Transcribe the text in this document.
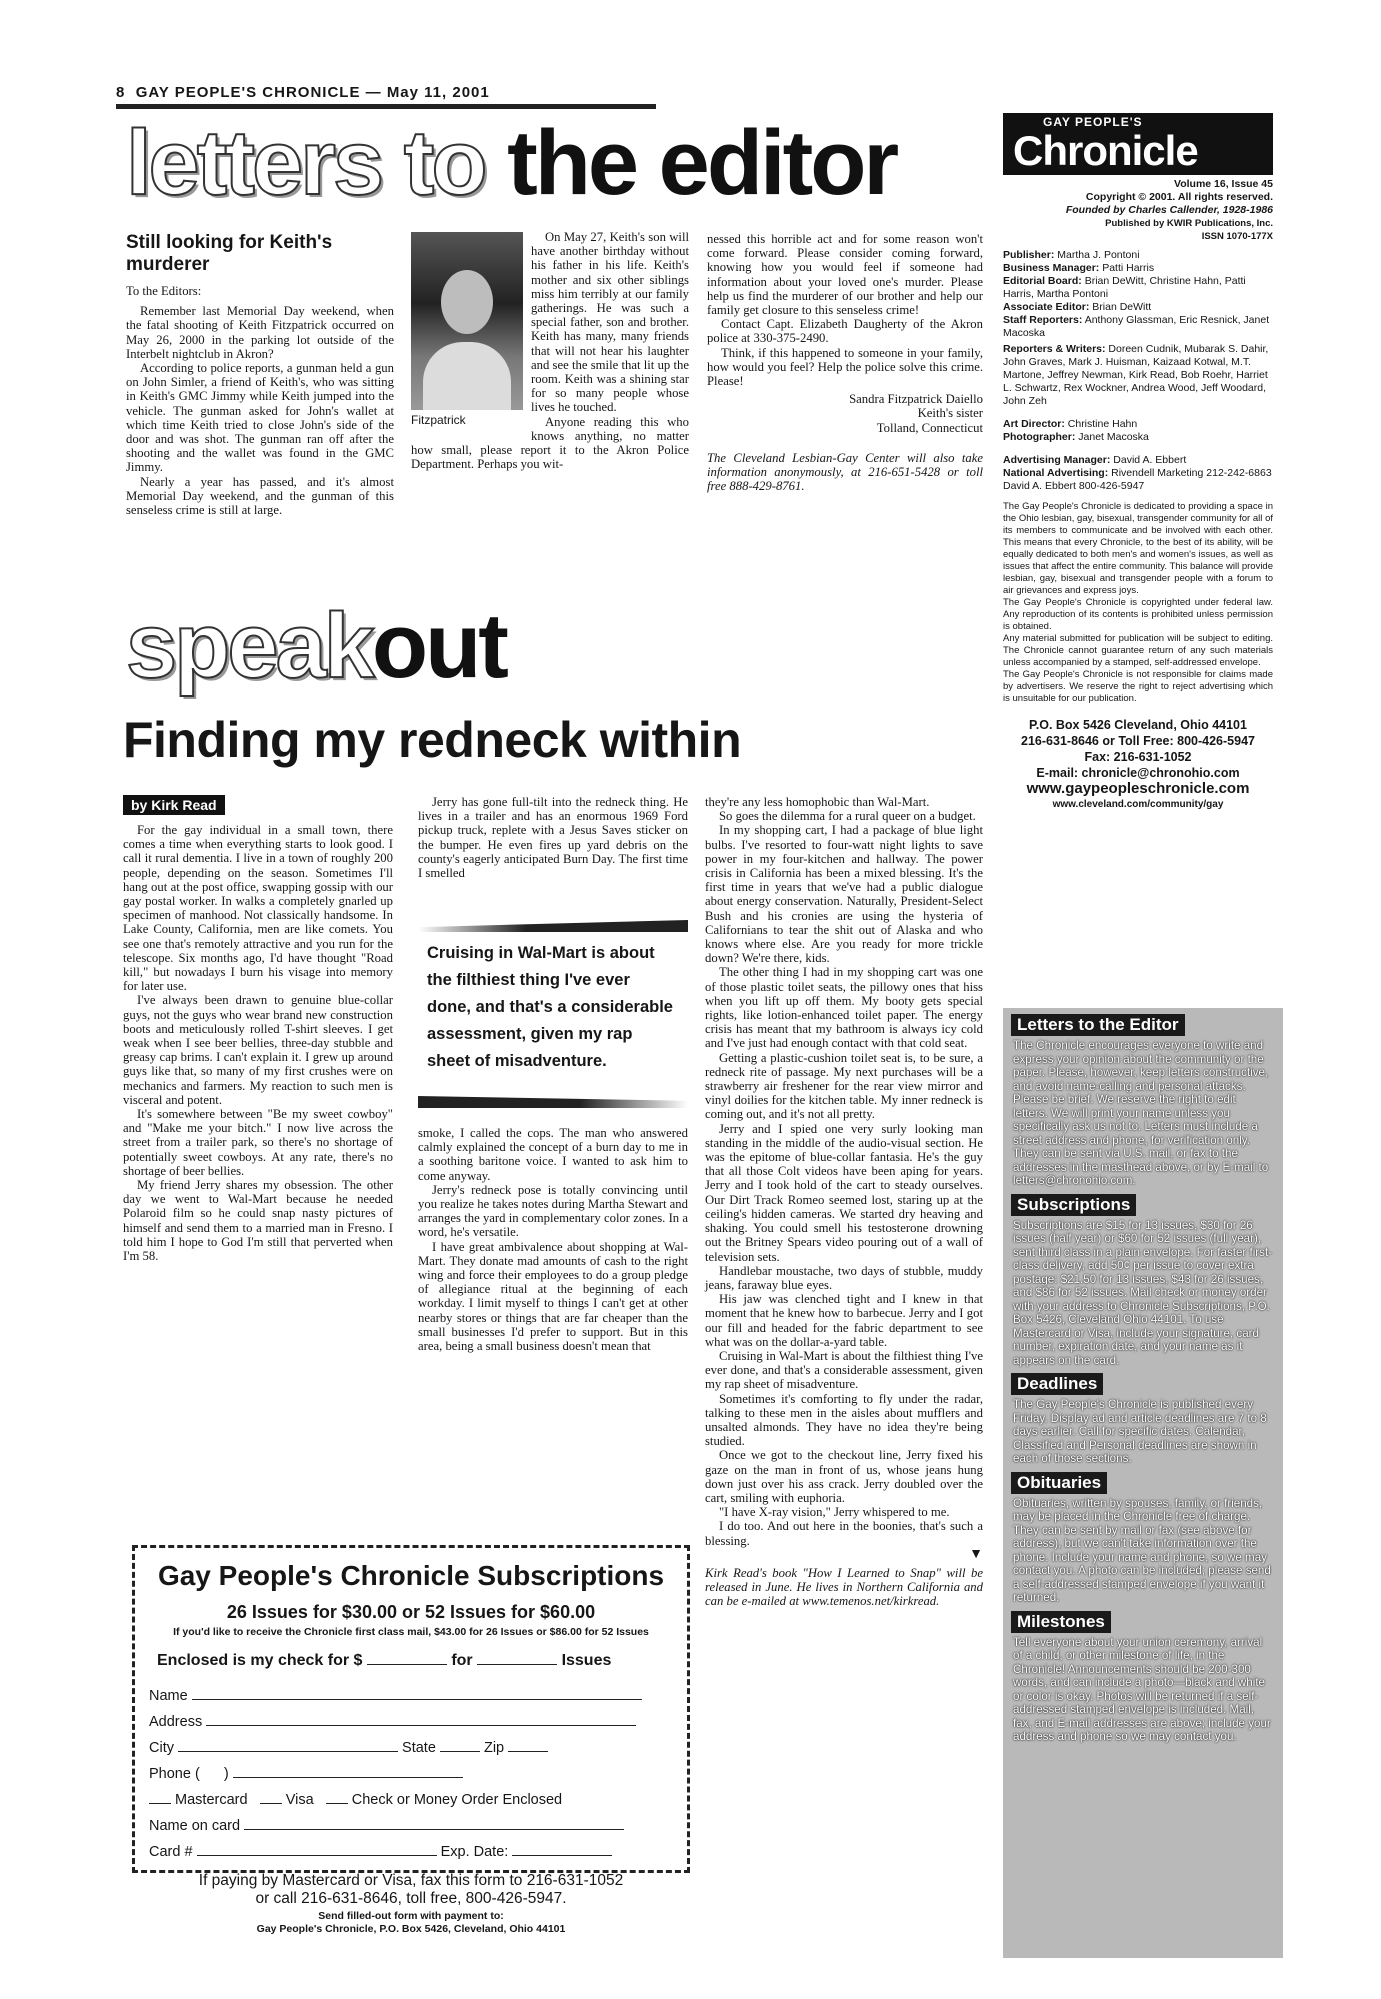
8 GAY PEOPLE'S CHRONICLE — May 11, 2001
letters to the editor
Still looking for Keith's murderer
To the Editors:

Remember last Memorial Day weekend, when the fatal shooting of Keith Fitzpatrick occurred on May 26, 2000 in the parking lot outside of the Interbelt nightclub in Akron?

According to police reports, a gunman held a gun on John Simler, a friend of Keith's, who was sitting in Keith's GMC Jimmy while Keith jumped into the vehicle. The gunman asked for John's wallet at which time Keith tried to close John's side of the door and was shot. The gunman ran off after the shooting and the wallet was found in the GMC Jimmy.

Nearly a year has passed, and it's almost Memorial Day weekend, and the gunman of this senseless crime is still at large.

Fitzpatrick

On May 27, Keith's son will have another birthday without his father in his life. Keith's mother and six other siblings miss him terribly at our family gatherings. He was such a special father, son and brother. Keith has many, many friends that will not hear his laughter and see the smile that lit up the room. Keith was a shining star for so many people whose lives he touched.

Anyone reading this who knows anything, no matter how small, please report it to the Akron Police Department. Perhaps you wit-

nessed this horrible act and for some reason won't come forward. Please consider coming forward, knowing how you would feel if someone had information about your loved one's murder. Please help us find the murderer of our brother and help our family get closure to this senseless crime!

Contact Capt. Elizabeth Daugherty of the Akron police at 330-375-2490.

Think, if this happened to someone in your family, how would you feel? Help the police solve this crime. Please!

Sandra Fitzpatrick Daiello
Keith's sister
Tolland, Connecticut
The Cleveland Lesbian-Gay Center will also take information anonymously, at 216-651-5428 or toll free 888-429-8761.
speakout
Finding my redneck within
by Kirk Read

For the gay individual in a small town, there comes a time when everything starts to look good. I call it rural dementia. I live in a town of roughly 200 people, depending on the season. Sometimes I'll hang out at the post office, swapping gossip with our gay postal worker. In walks a completely gnarled up specimen of manhood. Not classically handsome. In Lake County, California, men are like comets. You see one that's remotely attractive and you run for the telescope. Six months ago, I'd have thought "Road kill," but nowadays I burn his visage into memory for later use.

I've always been drawn to genuine blue-collar guys, not the guys who wear brand new construction boots and meticulously rolled T-shirt sleeves. I get weak when I see beer bellies, three-day stubble and greasy cap brims. I can't explain it. I grew up around guys like that, so many of my first crushes were on mechanics and farmers. My reaction to such men is visceral and potent.

It's somewhere between "Be my sweet cowboy" and "Make me your bitch." I now live across the street from a trailer park, so there's no shortage of potentially sweet cowboys. At any rate, there's no shortage of beer bellies.

My friend Jerry shares my obsession. The other day we went to Wal-Mart because he needed Polaroid film so he could snap nasty pictures of himself and send them to a married man in Fresno. I told him I hope to God I'm still that perverted when I'm 58.

Jerry has gone full-tilt into the redneck thing. He lives in a trailer and has an enormous 1969 Ford pickup truck, replete with a Jesus Saves sticker on the bumper. He even fires up yard debris on the county's eagerly anticipated Burn Day. The first time I smelled

Cruising in Wal-Mart is about the filthiest thing I've ever done, and that's a considerable assessment, given my rap sheet of misadventure.

smoke, I called the cops. The man who answered calmly explained the concept of a burn day to me in a soothing baritone voice. I wanted to ask him to come anyway.

Jerry's redneck pose is totally convincing until you realize he takes notes during Martha Stewart and arranges the yard in complementary color zones. In a word, he's versatile.

I have great ambivalence about shopping at Wal-Mart. They donate mad amounts of cash to the right wing and force their employees to do a group pledge of allegiance ritual at the beginning of each workday. I limit myself to things I can't get at other nearby stores or things that are far cheaper than the small businesses I'd prefer to support. But in this area, being a small business doesn't mean that

they're any less homophobic than Wal-Mart.

So goes the dilemma for a rural queer on a budget.

In my shopping cart, I had a package of blue light bulbs. I've resorted to four-watt night lights to save power in my four-kitchen and hallway. The power crisis in California has been a mixed blessing. It's the first time in years that we've had a public dialogue about energy conservation. Naturally, President-Select Bush and his cronies are using the hysteria of Californians to tear the shit out of Alaska and who knows where else. Are you ready for more trickle down? We're there, kids.

The other thing I had in my shopping cart was one of those plastic toilet seats, the pillowy ones that hiss when you lift up off them. My booty gets special rights, like lotion-enhanced toilet paper. The energy crisis has meant that my bathroom is always icy cold and I've just had enough contact with that cold seat.

Getting a plastic-cushion toilet seat is, to be sure, a redneck rite of passage. My next purchases will be a strawberry air freshener for the rear view mirror and vinyl doilies for the kitchen table. My inner redneck is coming out, and it's not all pretty.

Jerry and I spied one very surly looking man standing in the middle of the audio-visual section. He was the epitome of blue-collar fantasia. He's the guy that all those Colt videos have been aping for years. Jerry and I took hold of the cart to steady ourselves. Our Dirt Track Romeo seemed lost, staring up at the ceiling's hidden cameras. We started dry heaving and shaking. You could smell his testosterone drowning out the Britney Spears video pouring out of a wall of television sets.

Handlebar moustache, two days of stubble, muddy jeans, faraway blue eyes.

His jaw was clenched tight and I knew in that moment that he knew how to barbecue. Jerry and I got our fill and headed for the fabric department to see what was on the dollar-a-yard table.

Cruising in Wal-Mart is about the filthiest thing I've ever done, and that's a considerable assessment, given my rap sheet of misadventure.

Sometimes it's comforting to fly under the radar, talking to these men in the aisles about mufflers and unsalted almonds. They have no idea they're being studied.

Once we got to the checkout line, Jerry fixed his gaze on the man in front of us, whose jeans hung down just over his ass crack. Jerry doubled over the cart, smiling with euphoria.

"I have X-ray vision," Jerry whispered to me.

I do too. And out here in the boonies, that's such a blessing.

▼
Kirk Read's book "How I Learned to Snap" will be released in June. He lives in Northern California and can be e-mailed at www.temenos.net/kirkread.
Gay People's Chronicle Subscriptions
26 Issues for $30.00 or 52 Issues for $60.00
If you'd like to receive the Chronicle first class mail, $43.00 for 26 Issues or $86.00 for 52 Issues
Enclosed is my check for $	for	Issues
Name
Address
City	State	Zip
Phone ( )
Mastercard	Visa	Check or Money Order Enclosed
Name on card
Card #	Exp. Date:
If paying by Mastercard or Visa, fax this form to 216-631-1052
or call 216-631-8646, toll free, 800-426-5947.
Send filled-out form with payment to:
Gay People's Chronicle, P.O. Box 5426, Cleveland, Ohio 44101
GAY PEOPLE'S
Chronicle
Volume 16, Issue 45
Copyright © 2001. All rights reserved.
Founded by Charles Callender, 1928-1986
Published by KWIR Publications, Inc.
ISSN 1070-177X
Publisher: Martha J. Pontoni
Business Manager: Patti Harris
Editorial Board: Brian DeWitt, Christine Hahn, Patti Harris, Martha Pontoni
Associate Editor: Brian DeWitt
Staff Reporters: Anthony Glassman, Eric Resnick, Janet Macoska
Reporters & Writers: Doreen Cudnik, Mubarak S. Dahir, John Graves, Mark J. Huisman, Kaizaad Kotwal, M.T. Martone, Jeffrey Newman, Kirk Read, Bob Roehr, Harriet L. Schwartz, Rex Wockner, Andrea Wood, Jeff Woodard, John Zeh
Art Director: Christine Hahn
Photographer: Janet Macoska
Advertising Manager: David A. Ebbert
National Advertising: Rivendell Marketing 212-242-6863 David A. Ebbert 800-426-5947
The Gay People's Chronicle is dedicated to providing a space in the Ohio lesbian, gay, bisexual, transgender community for all of its members to communicate and be involved with each other. This means that every Chronicle, to the best of its ability, will be equally dedicated to both men's and women's issues, as well as issues that affect the entire community. This balance will provide lesbian, gay, bisexual and transgender people with a forum to air grievances and express joys.
The Gay People's Chronicle is copyrighted under federal law. Any reproduction of its contents is prohibited unless permission is obtained.
Any material submitted for publication will be subject to editing. The Chronicle cannot guarantee return of any such materials unless accompanied by a stamped, self-addressed envelope.
The Gay People's Chronicle is not responsible for claims made by advertisers. We reserve the right to reject advertising which is unsuitable for our publication.
P.O. Box 5426 Cleveland, Ohio 44101
216-631-8646 or Toll Free: 800-426-5947
Fax: 216-631-1052
E-mail: chronicle@chronohio.com
www.gaypeopleschronicle.com
www.cleveland.com/community/gay
Letters to the Editor
The Chronicle encourages everyone to write and express your opinion about the community or the paper. Please, however, keep letters constructive, and avoid name-calling and personal attacks. Please be brief. We reserve the right to edit letters. We will print your name unless you specifically ask us not to. Letters must include a street address and phone, for verification only. They can be sent via U.S. mail, or fax to the addresses in the masthead above, or by E-mail to letters@chronohio.com.
Subscriptions
Subscriptions are $15 for 13 issues, $30 for 26 issues (half year) or $60 for 52 issues (full year), sent third class in a plain envelope. For faster first-class delivery, add 50¢ per issue to cover extra postage: $21.50 for 13 issues, $43 for 26 issues, and $86 for 52 issues. Mail check or money order with your address to Chronicle Subscriptions, P.O. Box 5426, Cleveland Ohio 44101. To use Mastercard or Visa, include your signature, card number, expiration date, and your name as it appears on the card.
Deadlines
The Gay People's Chronicle is published every Friday. Display ad and article deadlines are 7 to 8 days earlier. Call for specific dates. Calendar, Classified and Personal deadlines are shown in each of those sections.
Obituaries
Obituaries, written by spouses, family, or friends, may be placed in the Chronicle free of charge. They can be sent by mail or fax (see above for address), but we can't take information over the phone. Include your name and phone, so we may contact you. A photo can be included; please send a self-addressed stamped envelope if you want it returned.
Milestones
Tell everyone about your union ceremony, arrival of a child, or other milestone of life, in the Chronicle! Announcements should be 200-300 words, and can include a photo—black and white or color is okay. Photos will be returned if a self-addressed stamped envelope is included. Mail, fax, and E-mail addresses are above; include your address and phone so we may contact you.
